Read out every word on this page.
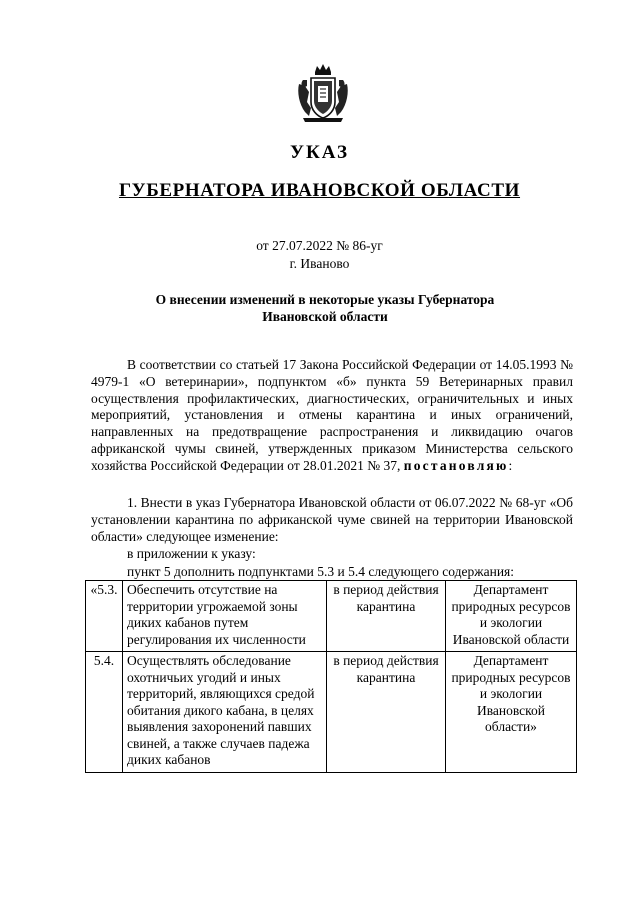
УКАЗ
ГУБЕРНАТОРА ИВАНОВСКОЙ ОБЛАСТИ
от 27.07.2022 № 86-уг
г. Иваново
О внесении изменений в некоторые указы Губернатора Ивановской области

В соответствии со статьей 17 Закона Российской Федерации от 14.05.1993 № 4979-1 «О ветеринарии», подпунктом «б» пункта 59 Ветеринарных правил осуществления профилактических, диагностических, ограничительных и иных мероприятий, установления и отмены карантина и иных ограничений, направленных на предотвращение распространения и ликвидацию очагов африканской чумы свиней, утвержденных приказом Министерства сельского хозяйства Российской Федерации от 28.01.2021 № 37, постановляю:

1. Внести в указ Губернатора Ивановской области от 06.07.2022 № 68-уг «Об установлении карантина по африканской чуме свиней на территории Ивановской области» следующее изменение:

в приложении к указу:

пункт 5 дополнить подпунктами 5.3 и 5.4 следующего содержания:

«5.3.	Обеспечить отсутствие на территории угрожаемой зоны диких кабанов путем регулирования их численности	в период действия карантина	Департамент природных ресурсов и экологии Ивановской области
5.4.	Осуществлять обследование охотничьих угодий и иных территорий, являющихся средой обитания дикого кабана, в целях выявления захоронений павших свиней, а также случаев падежа диких кабанов	в период действия карантина	Департамент природных ресурсов и экологии Ивановской области»
